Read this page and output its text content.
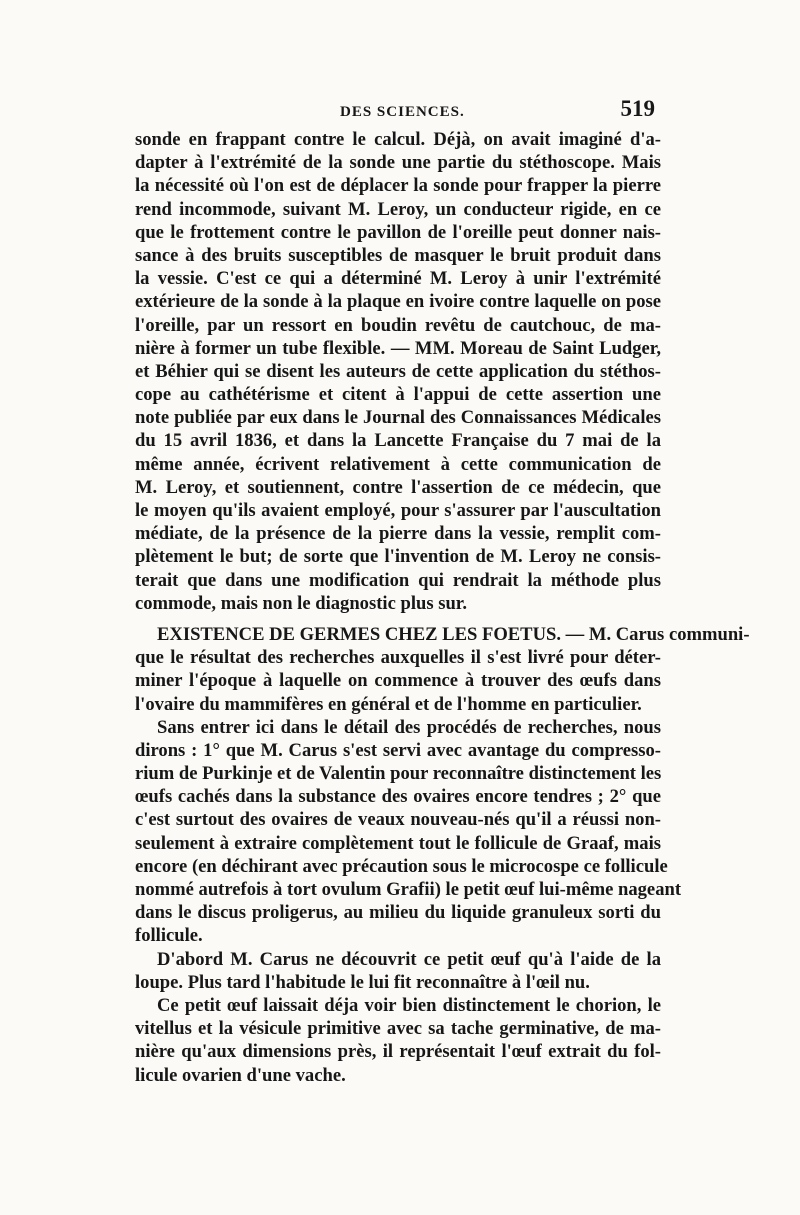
DES SCIENCES.	519
sonde en frappant contre le calcul. Déjà, on avait imaginé d'a-
dapter à l'extrémité de la sonde une partie du stéthoscope. Mais
la nécessité où l'on est de déplacer la sonde pour frapper la pierre
rend incommode, suivant M. Leroy, un conducteur rigide, en ce
que le frottement contre le pavillon de l'oreille peut donner nais-
sance à des bruits susceptibles de masquer le bruit produit dans
la vessie. C'est ce qui a déterminé M. Leroy à unir l'extrémité
extérieure de la sonde à la plaque en ivoire contre laquelle on pose
l'oreille, par un ressort en boudin revêtu de cautchouc, de ma-
nière à former un tube flexible. — MM. Moreau de Saint Ludger,
et Béhier qui se disent les auteurs de cette application du stéthos-
cope au cathétérisme et citent à l'appui de cette assertion une
note publiée par eux dans le Journal des Connaissances Médicales
du 15 avril 1836, et dans la Lancette Française du 7 mai de la
même année, écrivent relativement à cette communication de
M. Leroy, et soutiennent, contre l'assertion de ce médecin, que
le moyen qu'ils avaient employé, pour s'assurer par l'auscultation
médiate, de la présence de la pierre dans la vessie, remplit com-
plètement le but; de sorte que l'invention de M. Leroy ne consis-
terait que dans une modification qui rendrait la méthode plus
commode, mais non le diagnostic plus sur.
EXISTENCE DE GERMES CHEZ LES FOETUS. — M. Carus communi-
que le résultat des recherches auxquelles il s'est livré pour déter-
miner l'époque à laquelle on commence à trouver des œufs dans
l'ovaire du mammifères en général et de l'homme en particulier.
Sans entrer ici dans le détail des procédés de recherches, nous
dirons : 1° que M. Carus s'est servi avec avantage du compresso-
rium de Purkinje et de Valentin pour reconnaître distinctement les
œufs cachés dans la substance des ovaires encore tendres ; 2° que
c'est surtout des ovaires de veaux nouveau-nés qu'il a réussi non-
seulement à extraire complètement tout le follicule de Graaf, mais
encore (en déchirant avec précaution sous le microcospe ce follicule
nommé autrefois à tort ovulum Grafii) le petit œuf lui-même nageant
dans le discus proligerus, au milieu du liquide granuleux sorti du
follicule.
D'abord M. Carus ne découvrit ce petit œuf qu'à l'aide de la
loupe. Plus tard l'habitude le lui fit reconnaître à l'œil nu.
Ce petit œuf laissait déja voir bien distinctement le chorion, le
vitellus et la vésicule primitive avec sa tache germinative, de ma-
nière qu'aux dimensions près, il représentait l'œuf extrait du fol-
licule ovarien d'une vache.
